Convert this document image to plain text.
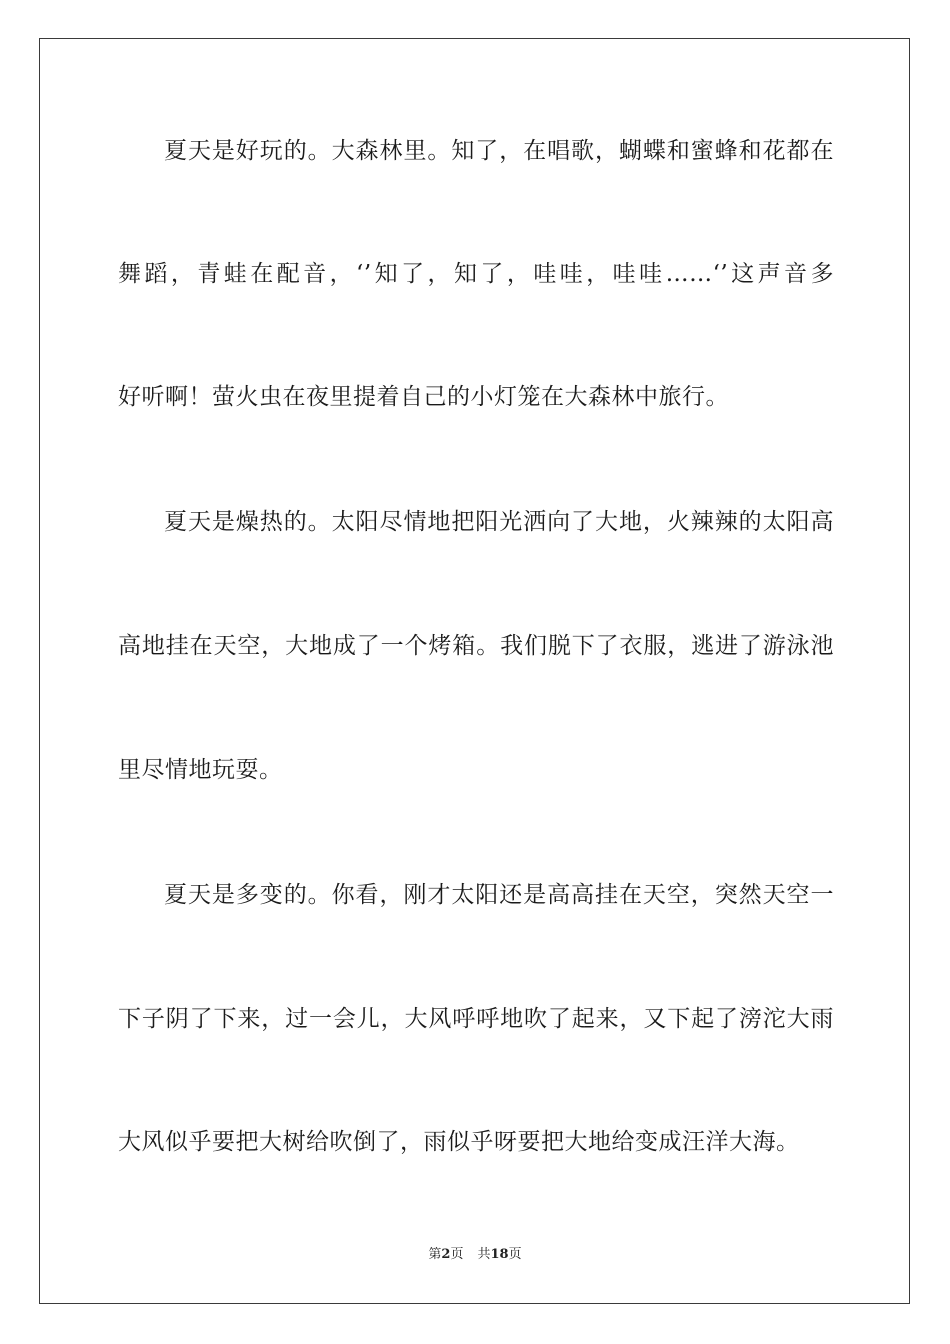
夏天是好玩的。大森林里。知了，在唱歌，蝴蝶和蜜蜂和花都在
舞蹈，青蛙在配音，‘’知了，知了，哇哇，哇哇……‘’这声音多
好听啊！萤火虫在夜里提着自己的小灯笼在大森林中旅行。
夏天是燥热的。太阳尽情地把阳光洒向了大地，火辣辣的太阳高
高地挂在天空，大地成了一个烤箱。我们脱下了衣服，逃进了游泳池
里尽情地玩耍。
夏天是多变的。你看，刚才太阳还是高高挂在天空，突然天空一
下子阴了下来，过一会儿，大风呼呼地吹了起来，又下起了滂沱大雨
大风似乎要把大树给吹倒了，雨似乎呀要把大地给变成汪洋大海。
第2页 共18页
